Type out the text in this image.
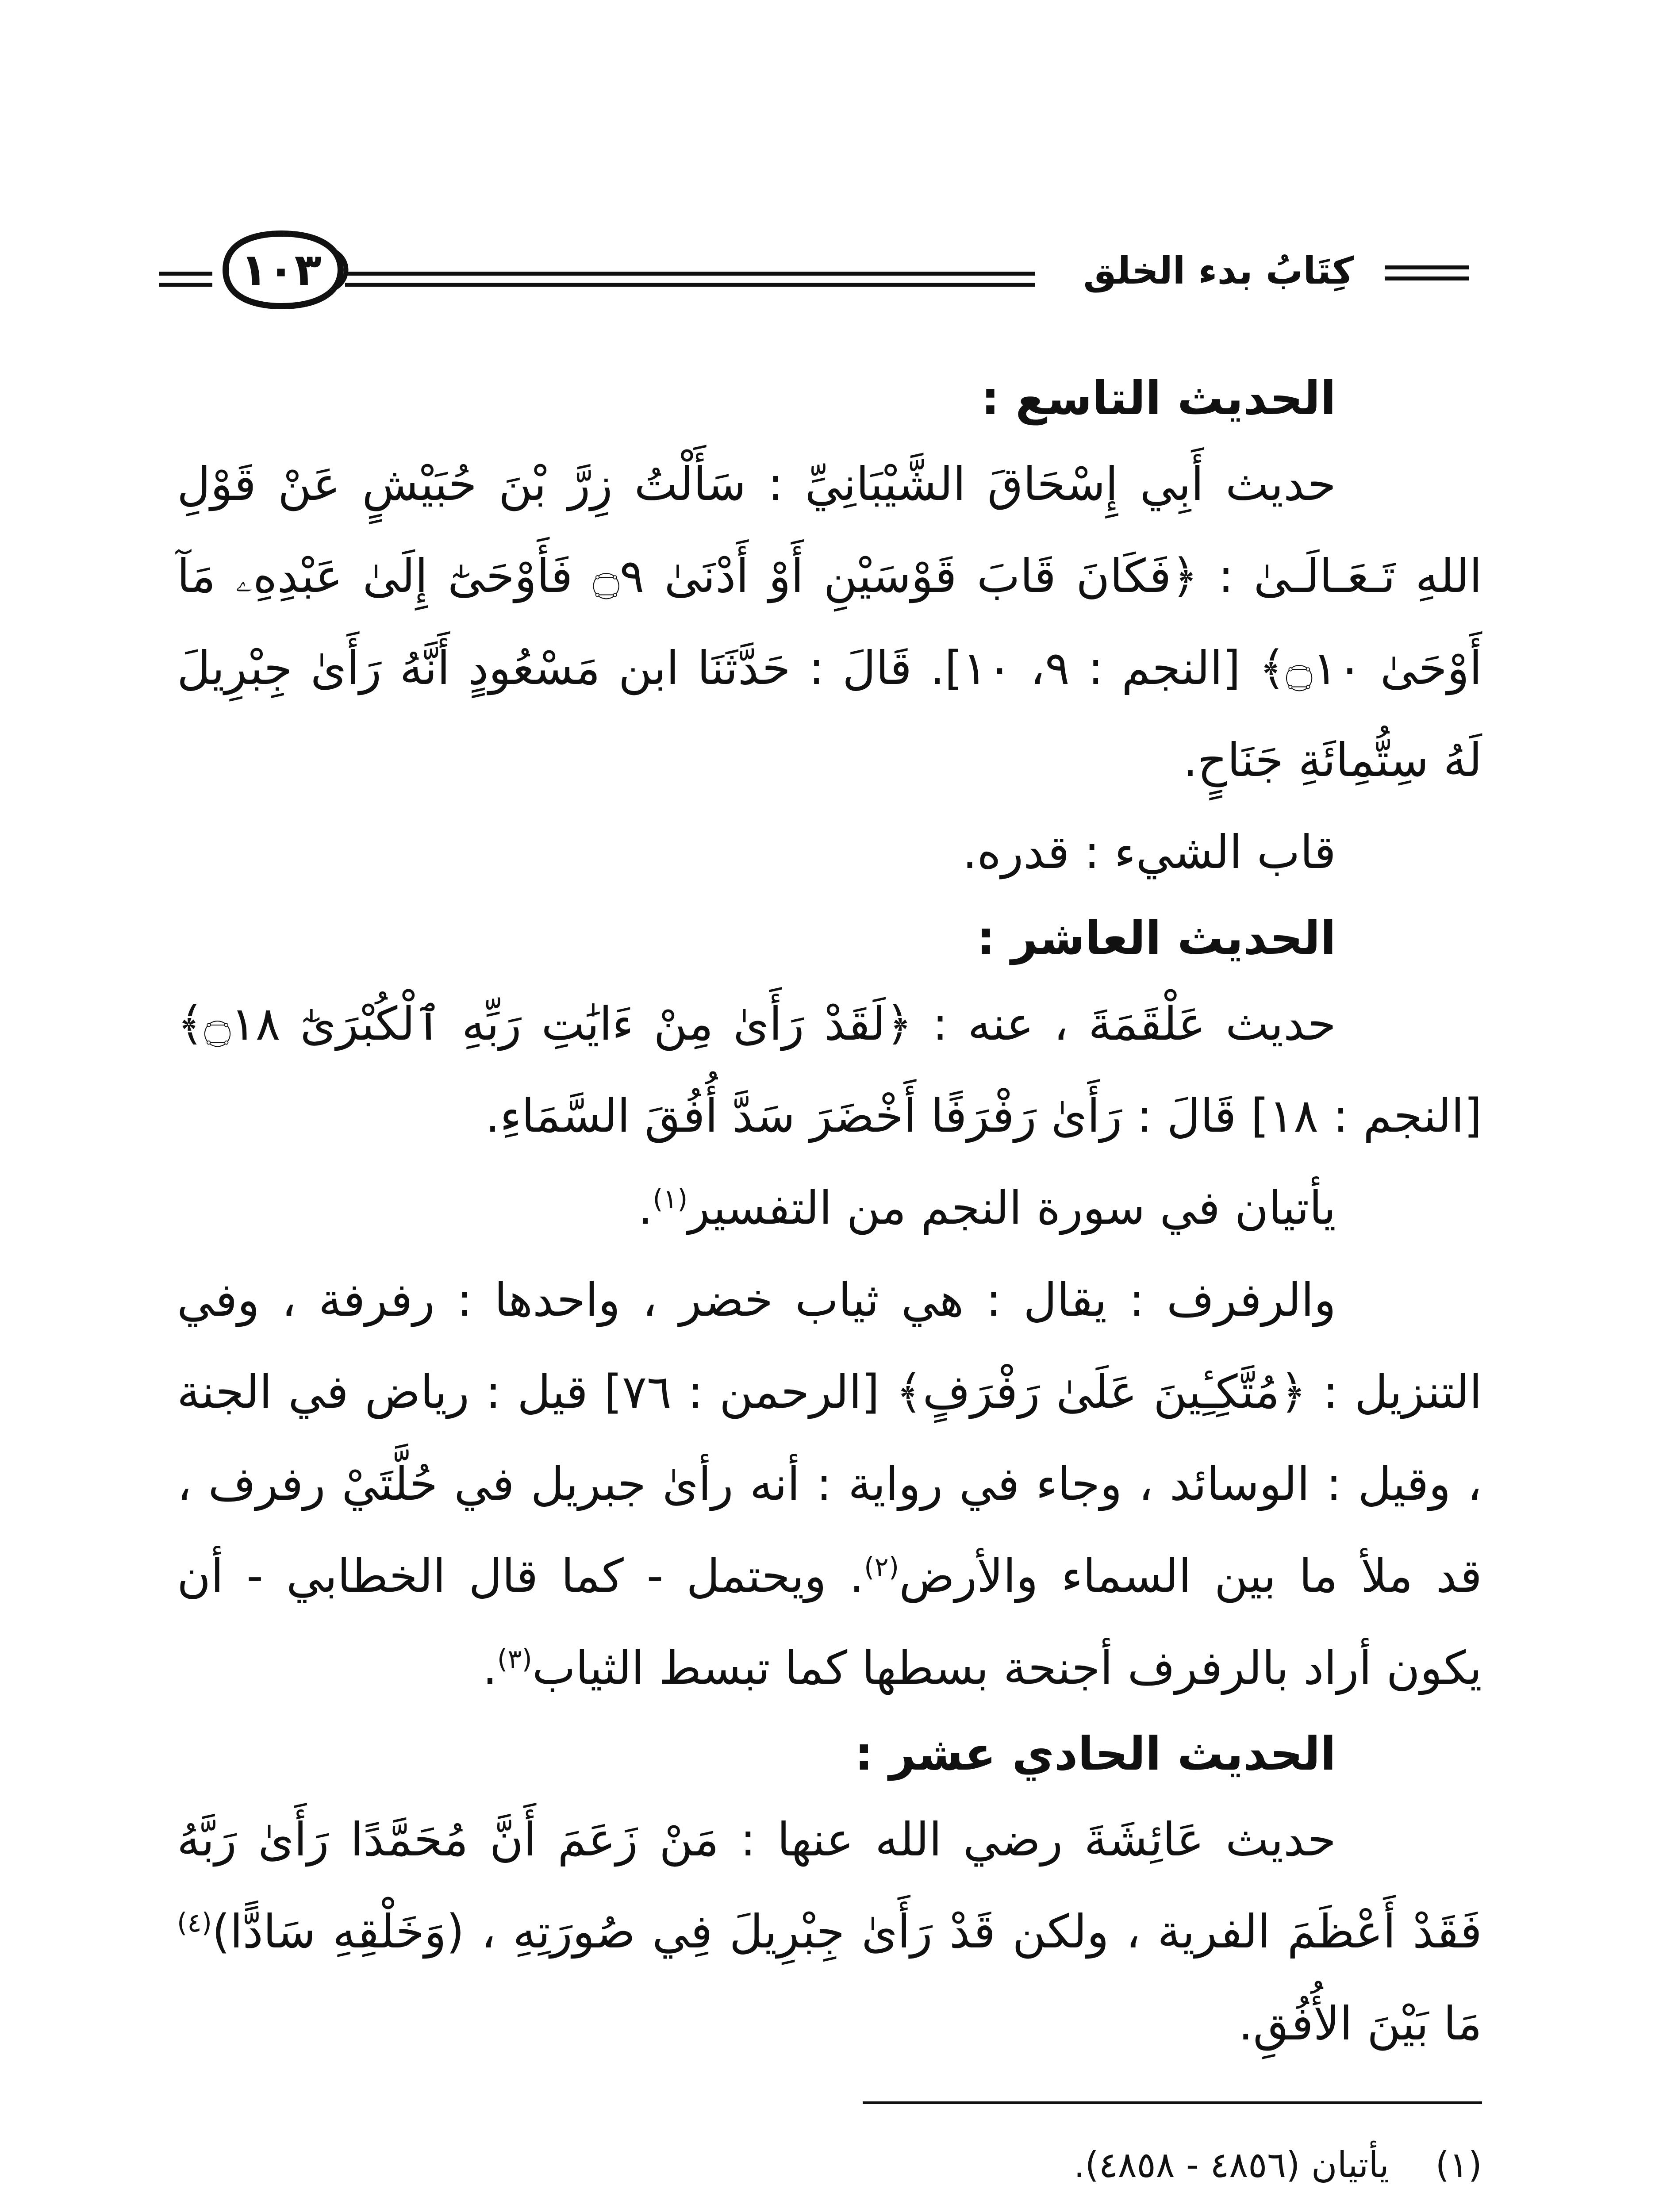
كِتَابُ بدء الخلق
١٠٣

الحديث التاسع :

حديث أَبِي إِسْحَاقَ الشَّيْبَانِيِّ : سَأَلْتُ زِرَّ بْنَ حُبَيْشٍ عَنْ قَوْلِ اللهِ تَـعَـالَـىٰ : ﴿فَكَانَ قَابَ قَوْسَيْنِ أَوْ أَدْنَىٰ ۝٩ فَأَوْحَىٰٓ إِلَىٰ عَبْدِهِۦ مَآ أَوْحَىٰ ۝١٠﴾ [النجم : ٩، ١٠]. قَالَ : حَدَّثَنَا ابن مَسْعُودٍ أَنَّهُ رَأَىٰ جِبْرِيلَ لَهُ سِتُّمِائَةِ جَنَاحٍ.

قاب الشيء : قدره.

الحديث العاشر :

حديث عَلْقَمَةَ ، عنه : ﴿لَقَدْ رَأَىٰ مِنْ ءَايَٰتِ رَبِّهِ ٱلْكُبْرَىٰٓ ۝١٨﴾ [النجم : ١٨] قَالَ : رَأَىٰ رَفْرَفًا أَخْضَرَ سَدَّ أُفُقَ السَّمَاءِ.

يأتيان في سورة النجم من التفسير$^{(١)}$.

والرفرف : يقال : هي ثياب خضر ، واحدها : رفرفة ، وفي التنزيل : ﴿مُتَّكِـِٔينَ عَلَىٰ رَفْرَفٍ﴾ [الرحمن : ٧٦] قيل : رياض في الجنة ، وقيل : الوسائد ، وجاء في رواية : أنه رأىٰ جبريل في حُلَّتَيْ رفرف ، قد ملأ ما بين السماء والأرض$^{(٢)}$. ويحتمل - كما قال الخطابي - أن يكون أراد بالرفرف أجنحة بسطها كما تبسط الثياب$^{(٣)}$.

الحديث الحادي عشر :

حديث عَائِشَةَ رضي الله عنها : مَنْ زَعَمَ أَنَّ مُحَمَّدًا رَأَىٰ رَبَّهُ فَقَدْ أَعْظَمَ الفرية ، ولكن قَدْ رَأَىٰ جِبْرِيلَ فِي صُورَتِهِ ، (وَخَلْقِهِ سَادًّا)$^{(٤)}$ مَا بَيْنَ الأُفُقِ.

(١)
يأتيان (٤٨٥٦ - ٤٨٥٨).
